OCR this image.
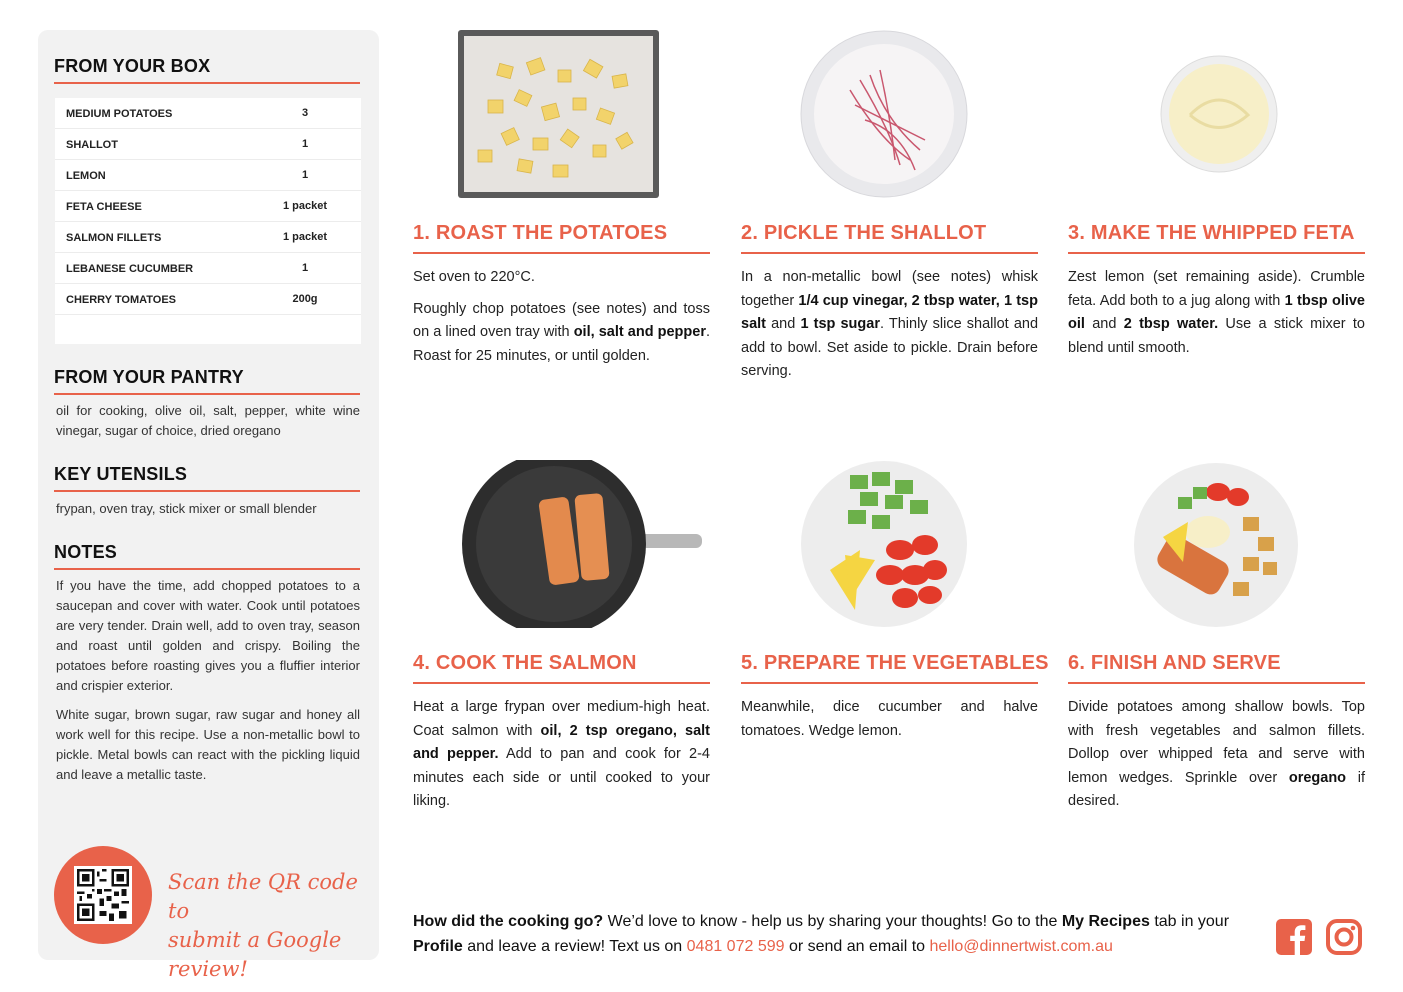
FROM YOUR BOX
MEDIUM POTATOES	3
SHALLOT	1
LEMON	1
FETA CHEESE	1 packet
SALMON FILLETS	1 packet
LEBANESE CUCUMBER	1
CHERRY TOMATOES	200g
FROM YOUR PANTRY
oil for cooking, olive oil, salt, pepper, white wine vinegar, sugar of choice, dried oregano
KEY UTENSILS
frypan, oven tray, stick mixer or small blender
NOTES
If you have the time, add chopped potatoes to a saucepan and cover with water. Cook until potatoes are very tender. Drain well, add to oven tray, season and roast until golden and crispy. Boiling the potatoes before roasting gives you a fluffier interior and crispier exterior.
White sugar, brown sugar, raw sugar and honey all work well for this recipe. Use a non-metallic bowl to pickle. Metal bowls can react with the pickling liquid and leave a metallic taste.
Scan the QR code to
submit a Google review!
1. ROAST THE POTATOES

Set oven to 220°C.

Roughly chop potatoes (see notes) and toss on a lined oven tray with oil, salt and pepper. Roast for 25 minutes, or until golden.

2. PICKLE THE SHALLOT

In a non-metallic bowl (see notes) whisk together 1/4 cup vinegar, 2 tbsp water, 1 tsp salt and 1 tsp sugar. Thinly slice shallot and add to bowl. Set aside to pickle. Drain before serving.

3. MAKE THE WHIPPED FETA

Zest lemon (set remaining aside). Crumble feta. Add both to a jug along with 1 tbsp olive oil and 2 tbsp water. Use a stick mixer to blend until smooth.

4. COOK THE SALMON

Heat a large frypan over medium-high heat. Coat salmon with oil, 2 tsp oregano, salt and pepper. Add to pan and cook for 2-4 minutes each side or until cooked to your liking.

5. PREPARE THE VEGETABLES

Meanwhile, dice cucumber and halve tomatoes. Wedge lemon.

6. FINISH AND SERVE

Divide potatoes among shallow bowls. Top with fresh vegetables and salmon fillets. Dollop over whipped feta and serve with lemon wedges. Sprinkle over oregano if desired.

How did the cooking go? We’d love to know - help us by sharing your thoughts! Go to the My Recipes tab in your Profile and leave a review! Text us on 0481 072 599 or send an email to hello@dinnertwist.com.au
